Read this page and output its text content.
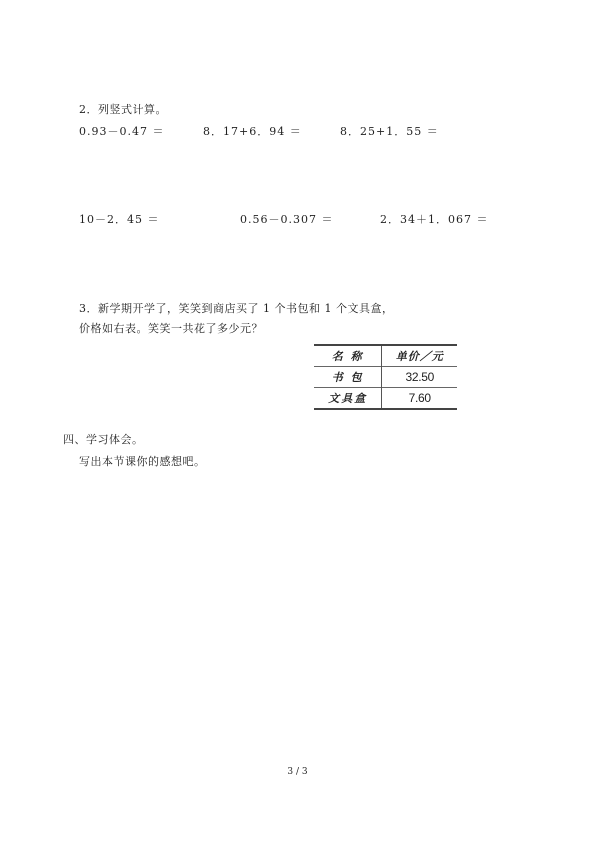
2．列竖式计算。
0.93－0.47 ＝	8．17+6．94 ＝	8．25+1．55 ＝
10－2．45 ＝	0.56－0.307 ＝	2．34＋1．067 ＝
3．新学期开学了，笑笑到商店买了 1 个书包和 1 个文具盒，
价格如右表。笑笑一共花了多少元？
名 称	单价／元
书 包	32.50
文具盒	7.60
四、学习体会。
写出本节课你的感想吧。
3 / 3
